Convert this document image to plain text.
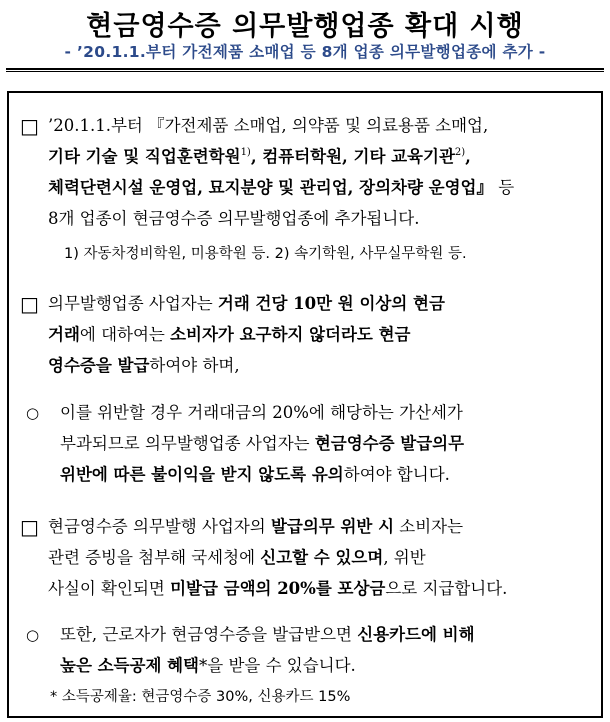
현금영수증 의무발행업종 확대 시행
- ’20.1.1.부터 가전제품 소매업 등 8개 업종 의무발행업종에 추가 -
□ ’20.1.1.부터 『가전제품 소매업, 의약품 및 의료용품 소매업,
기타 기술 및 직업훈련학원$^{1)}$, 컴퓨터학원, 기타 교육기관$^{2)}$,
체력단련시설 운영업, 묘지분양 및 관리업, 장의차량 운영업』 등
8개 업종이 현금영수증 의무발행업종에 추가됩니다.
1) 자동차정비학원, 미용학원 등. 2) 속기학원, 사무실무학원 등.
□ 의무발행업종 사업자는 거래 건당 10만 원 이상의 현금
거래에 대하여는 소비자가 요구하지 않더라도 현금
영수증을 발급하여야 하며,
○ 이를 위반할 경우 거래대금의 20%에 해당하는 가산세가
부과되므로 의무발행업종 사업자는 현금영수증 발급의무
위반에 따른 불이익을 받지 않도록 유의하여야 합니다.
□ 현금영수증 의무발행 사업자의 발급의무 위반 시 소비자는
관련 증빙을 첨부해 국세청에 신고할 수 있으며, 위반
사실이 확인되면 미발급 금액의 20%를 포상금으로 지급합니다.
○ 또한, 근로자가 현금영수증을 발급받으면 신용카드에 비해
높은 소득공제 혜택*을 받을 수 있습니다.
* 소득공제율: 현금영수증 30%, 신용카드 15%
